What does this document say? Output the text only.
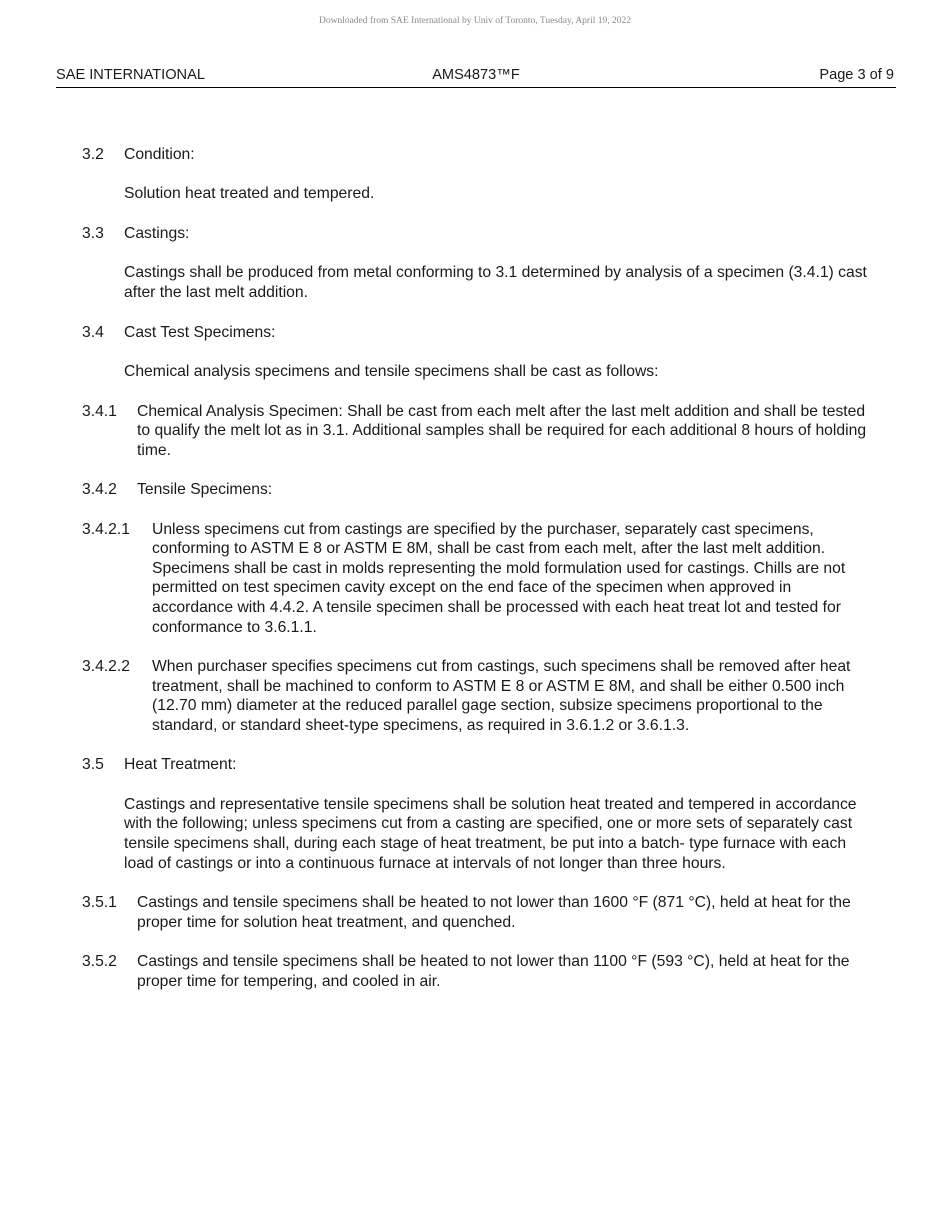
Downloaded from SAE International by Univ of Toronto, Tuesday, April 19, 2022
SAE INTERNATIONAL	AMS4873™F	Page 3 of 9
3.2 Condition:
Solution heat treated and tempered.
3.3 Castings:
Castings shall be produced from metal conforming to 3.1 determined by analysis of a specimen (3.4.1) cast after the last melt addition.
3.4 Cast Test Specimens:
Chemical analysis specimens and tensile specimens shall be cast as follows:
3.4.1 Chemical Analysis Specimen: Shall be cast from each melt after the last melt addition and shall be tested to qualify the melt lot as in 3.1. Additional samples shall be required for each additional 8 hours of holding time.
3.4.2 Tensile Specimens:
3.4.2.1 Unless specimens cut from castings are specified by the purchaser, separately cast specimens, conforming to ASTM E 8 or ASTM E 8M, shall be cast from each melt, after the last melt addition. Specimens shall be cast in molds representing the mold formulation used for castings. Chills are not permitted on test specimen cavity except on the end face of the specimen when approved in accordance with 4.4.2. A tensile specimen shall be processed with each heat treat lot and tested for conformance to 3.6.1.1.
3.4.2.2 When purchaser specifies specimens cut from castings, such specimens shall be removed after heat treatment, shall be machined to conform to ASTM E 8 or ASTM E 8M, and shall be either 0.500 inch (12.70 mm) diameter at the reduced parallel gage section, subsize specimens proportional to the standard, or standard sheet-type specimens, as required in 3.6.1.2 or 3.6.1.3.
3.5 Heat Treatment:
Castings and representative tensile specimens shall be solution heat treated and tempered in accordance with the following; unless specimens cut from a casting are specified, one or more sets of separately cast tensile specimens shall, during each stage of heat treatment, be put into a batch- type furnace with each load of castings or into a continuous furnace at intervals of not longer than three hours.
3.5.1 Castings and tensile specimens shall be heated to not lower than 1600 °F (871 °C), held at heat for the proper time for solution heat treatment, and quenched.
3.5.2 Castings and tensile specimens shall be heated to not lower than 1100 °F (593 °C), held at heat for the proper time for tempering, and cooled in air.
